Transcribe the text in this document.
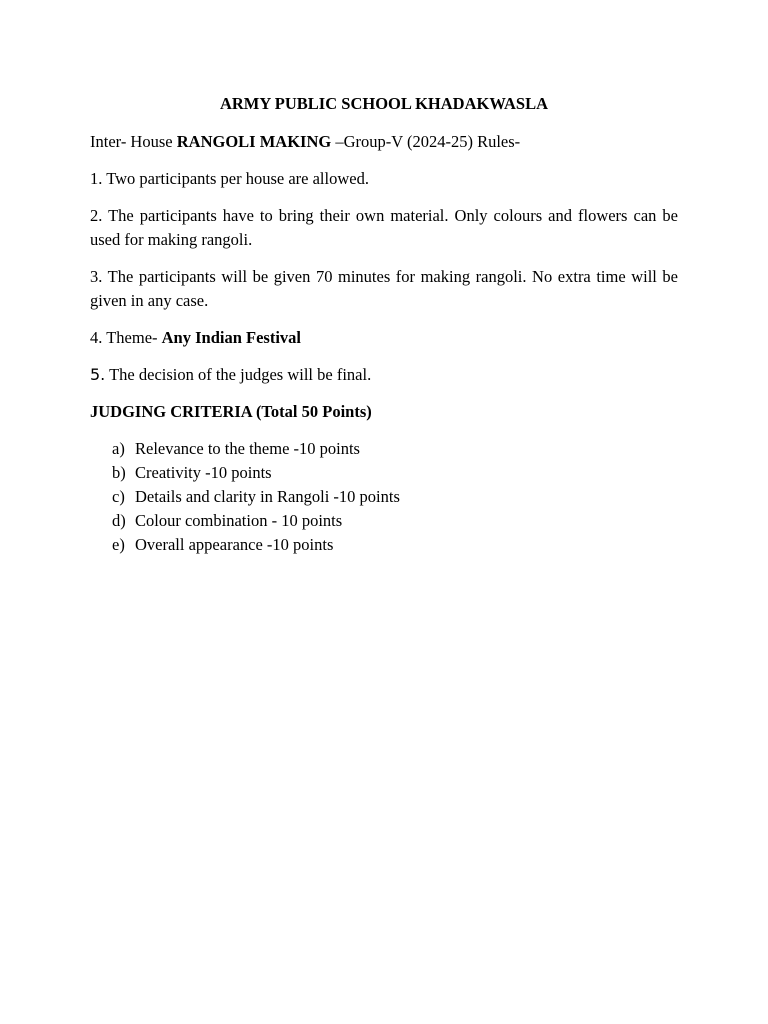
ARMY PUBLIC SCHOOL KHADAKWASLA

Inter- House RANGOLI MAKING –Group-V (2024-25) Rules-

1. Two participants per house are allowed.

2. The participants have to bring their own material. Only colours and flowers can be used for making rangoli.

3. The participants will be given 70 minutes for making rangoli. No extra time will be given in any case.

4. Theme- Any Indian Festival

5. The decision of the judges will be final.

JUDGING CRITERIA (Total 50 Points)

a) Relevance to the theme -10 points
b) Creativity -10 points
c) Details and clarity in Rangoli -10 points
d) Colour combination - 10 points
e) Overall appearance -10 points
